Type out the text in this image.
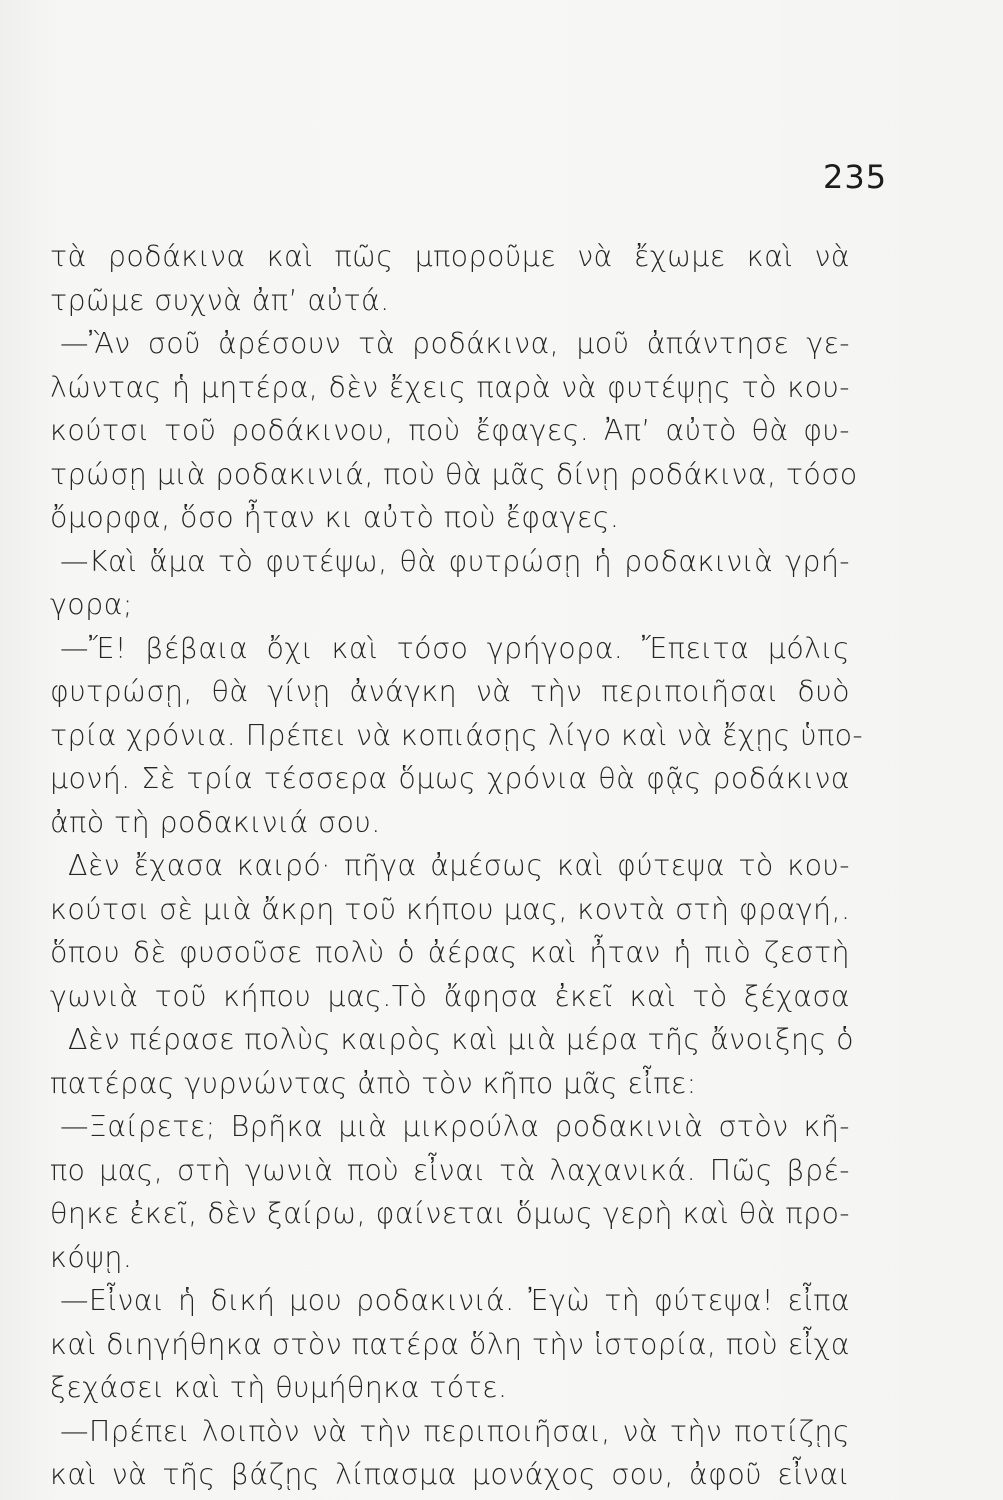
235
τὰ ροδάκινα καὶ πῶς μποροῦμε νὰ ἔχωμε καὶ νὰ
τρῶμε συχνὰ ἀπ’ αὐτά.
—Ἂν σοῦ ἀρέσουν τὰ ροδάκινα, μοῦ ἀπάντησε γε-
λώντας ἡ μητέρα, δὲν ἔχεις παρὰ νὰ φυτέψῃς τὸ κου-
κούτσι τοῦ ροδάκινου, ποὺ ἔφαγες. Ἀπ’ αὐτὸ θὰ φυ-
τρώσῃ μιὰ ροδακινιά, ποὺ θὰ μᾶς δίνῃ ροδάκινα, τόσο
ὄμορφα, ὅσο ἦταν κι αὐτὸ ποὺ ἔφαγες.
—Καὶ ἅμα τὸ φυτέψω, θὰ φυτρώσῃ ἡ ροδακινιὰ γρή-
γορα;
—Ἔ! βέβαια ὄχι καὶ τόσο γρήγορα. Ἔπειτα μόλις
φυτρώσῃ, θὰ γίνῃ ἀνάγκη νὰ τὴν περιποιῆσαι δυὸ
τρία χρόνια. Πρέπει νὰ κοπιάσῃς λίγο καὶ νὰ ἔχῃς ὑπο-
μονή. Σὲ τρία τέσσερα ὅμως χρόνια θὰ φᾷς ροδάκινα
ἀπὸ τὴ ροδακινιά σου.
Δὲν ἔχασα καιρό· πῆγα ἀμέσως καὶ φύτεψα τὸ κου-
κούτσι σὲ μιὰ ἄκρη τοῦ κήπου μας, κοντὰ στὴ φραγή,.
ὅπου δὲ φυσοῦσε πολὺ ὁ ἀέρας καὶ ἦταν ἡ πιὸ ζεστὴ
γωνιὰ τοῦ κήπου μας.Τὸ ἄφησα ἐκεῖ καὶ τὸ ξέχασα
Δὲν πέρασε πολὺς καιρὸς καὶ μιὰ μέρα τῆς ἄνοιξης ὁ
πατέρας γυρνώντας ἀπὸ τὸν κῆπο μᾶς εἶπε:
—Ξαίρετε; Βρῆκα μιὰ μικρούλα ροδακινιὰ στὸν κῆ-
πο μας, στὴ γωνιὰ ποὺ εἶναι τὰ λαχανικά. Πῶς βρέ-
θηκε ἐκεῖ, δὲν ξαίρω, φαίνεται ὅμως γερὴ καὶ θὰ προ-
κόψῃ.
—Εἶναι ἡ δική μου ροδακινιά. Ἐγὼ τὴ φύτεψα! εἶπα
καὶ διηγήθηκα στὸν πατέρα ὅλη τὴν ἱστορία, ποὺ εἶχα
ξεχάσει καὶ τὴ θυμήθηκα τότε.
—Πρέπει λοιπὸν νὰ τὴν περιποιῆσαι, νὰ τὴν ποτίζῃς
καὶ νὰ τῆς βάζῃς λίπασμα μονάχος σου, ἀφοῦ εἶναι
